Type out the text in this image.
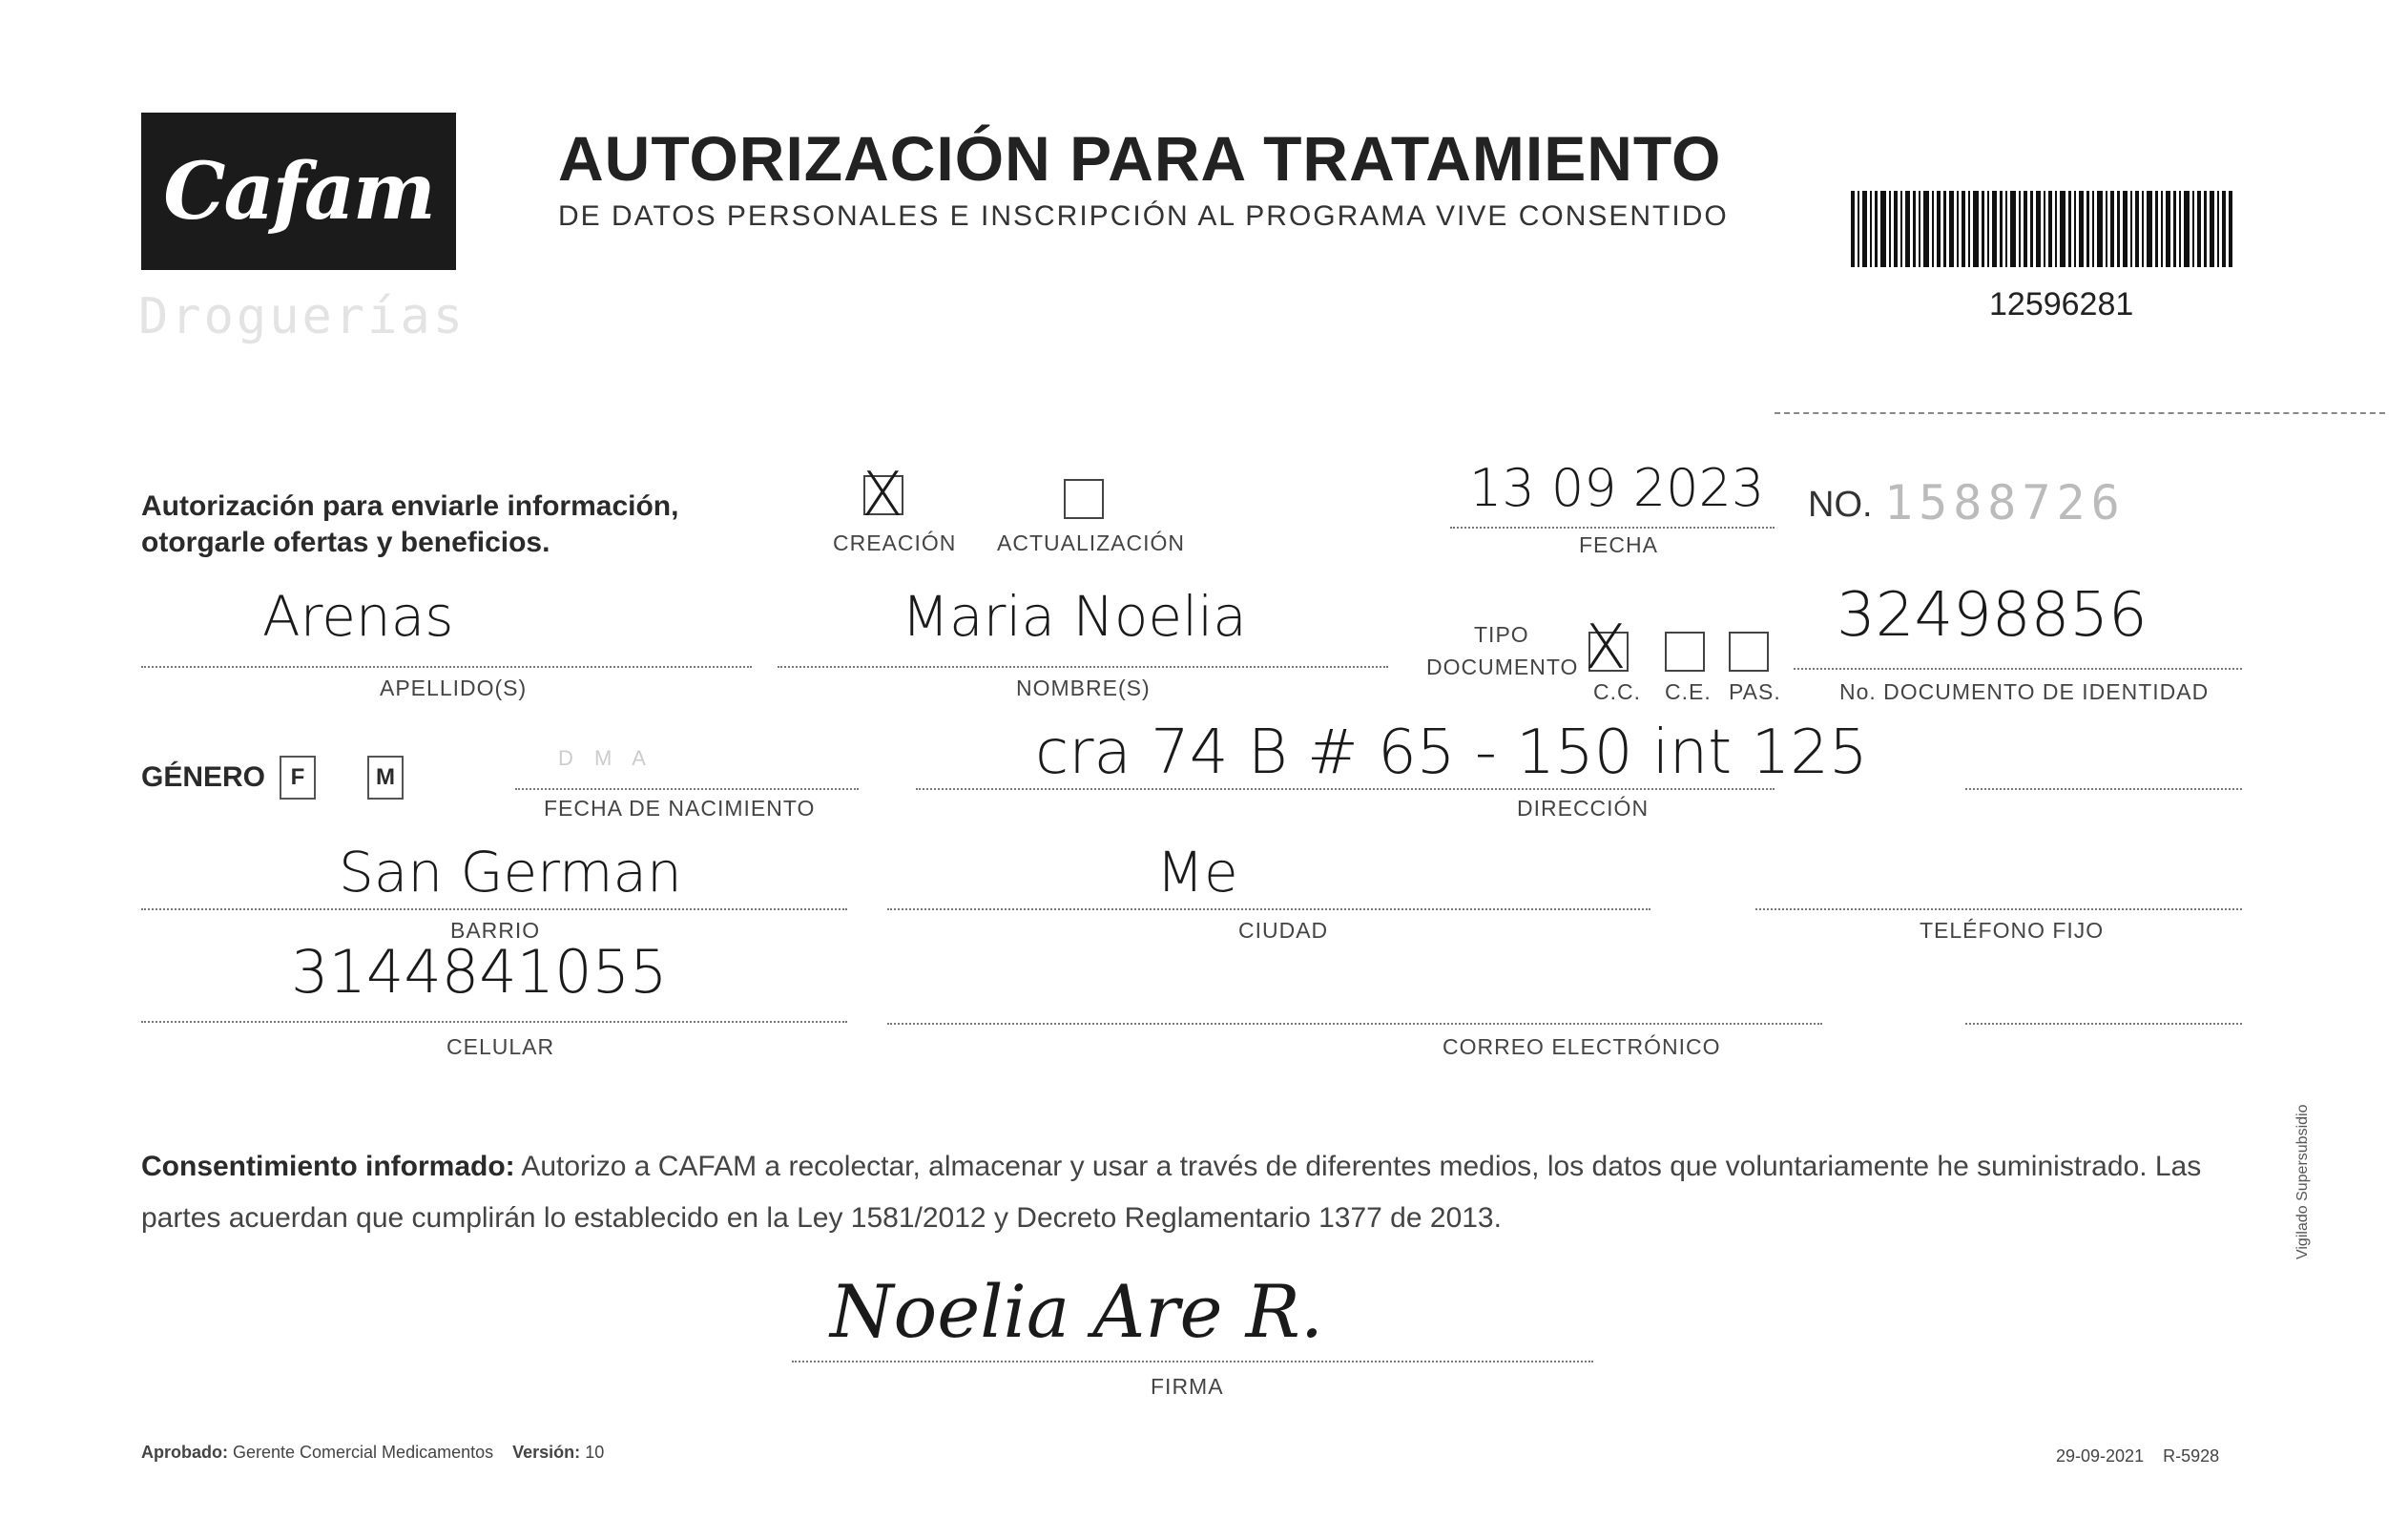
Cafam
Droguerías
AUTORIZACIÓN PARA TRATAMIENTO
DE DATOS PERSONALES E INSCRIPCIÓN AL PROGRAMA VIVE CONSENTIDO
12596281
Autorización para enviarle información,
otorgarle ofertas y beneficios.
X
CREACIÓN ACTUALIZACIÓN
13 09 2023
FECHA
NO. 1588726
Arenas
APELLIDO(S)
Maria Noelia
NOMBRE(S)
TIPO
DOCUMENTO X
C.C. C.E. PAS.
32498856
No. DOCUMENTO DE IDENTIDAD
GÉNERO F	M
D M A
FECHA DE NACIMIENTO
cra 74 B # 65 - 150 int 125
DIRECCIÓN
San German
BARRIO
Me
CIUDAD	TELÉFONO FIJO
3144841055
CELULAR	CORREO ELECTRÓNICO
Consentimiento informado: Autorizo a CAFAM a recolectar, almacenar y usar a través de diferentes medios, los datos que voluntariamente he suministrado. Las partes acuerdan que cumplirán lo establecido en la Ley 1581/2012 y Decreto Reglamentario 1377 de 2013.
Noelia Are R.
FIRMA
Aprobado: Gerente Comercial Medicamentos Versión: 10	29-09-2021 R-5928
Vigilado Supersubsidio
